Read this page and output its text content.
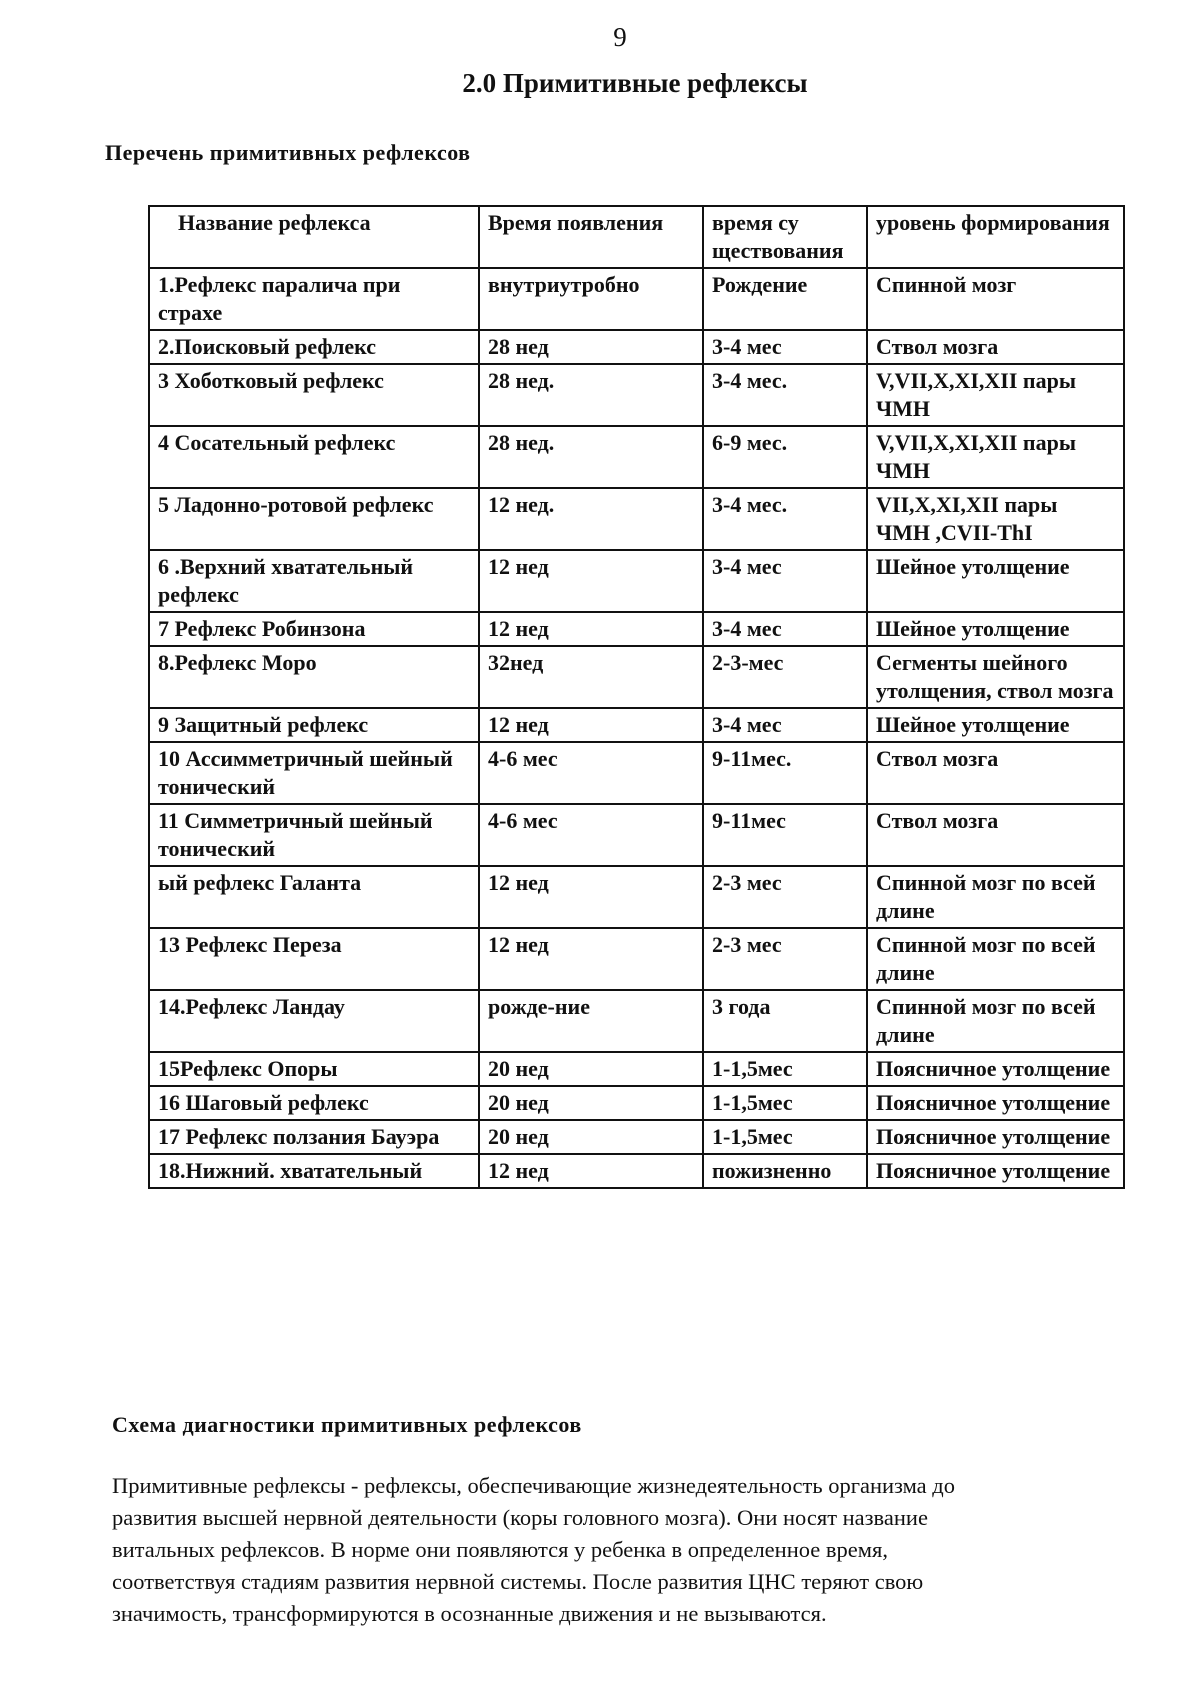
9
2.0 Примитивные рефлексы
Перечень примитивных рефлексов
Название рефлекса	Время появления	время су ществования	уровень формирования
1.Рефлекс паралича при страхе	внутриутробно	Рождение	Спинной мозг
2.Поисковый рефлекс	28 нед	3-4 мес	Ствол мозга
3 Хоботковый рефлекс	28 нед.	3-4 мес.	V,VII,X,XI,XII пары ЧМН
4 Сосательный рефлекс	28 нед.	6-9 мес.	V,VII,X,XI,XII пары ЧМН
5 Ладонно-ротовой рефлекс	12 нед.	3-4 мес.	VII,X,XI,XII пары ЧМН ,CVII-ThI
6 .Верхний хватательный рефлекс	12 нед	3-4 мес	Шейное утолщение
7 Рефлекс Робинзона	12 нед	3-4 мес	Шейное утолщение
8.Рефлекс Моро	32нед	2-3-мес	Сегменты шейного утолщения, ствол мозга
9 Защитный рефлекс	12 нед	3-4 мес	Шейное утолщение
10 Ассимметричный шейный тонический	4-6 мес	9-11мес.	Ствол мозга
11 Симметричный шейный тонический	4-6 мес	9-11мес	Ствол мозга
ый рефлекс Галанта	12 нед	2-3 мес	Спинной мозг по всей длине
13 Рефлекс Переза	12 нед	2-3 мес	Спинной мозг по всей длине
14.Рефлекс Ландау	рожде-ние	3 года	Спинной мозг по всей длине
15Рефлекс Опоры	20 нед	1-1,5мес	Поясничное утолщение
16 Шаговый рефлекс	20 нед	1-1,5мес	Поясничное утолщение
17 Рефлекс ползания Бауэра	20 нед	1-1,5мес	Поясничное утолщение
18.Нижний. хватательный	12 нед	пожизненно	Поясничное утолщение
Схема диагностики примитивных рефлексов
Примитивные рефлексы - рефлексы, обеспечивающие жизнедеятельность организма до
развития высшей нервной деятельности (коры головного мозга). Они носят название
витальных рефлексов. В норме они появляются у ребенка в определенное время,
соответствуя стадиям развития нервной системы. После развития ЦНС теряют свою
значимость, трансформируются в осознанные движения и не вызываются.
